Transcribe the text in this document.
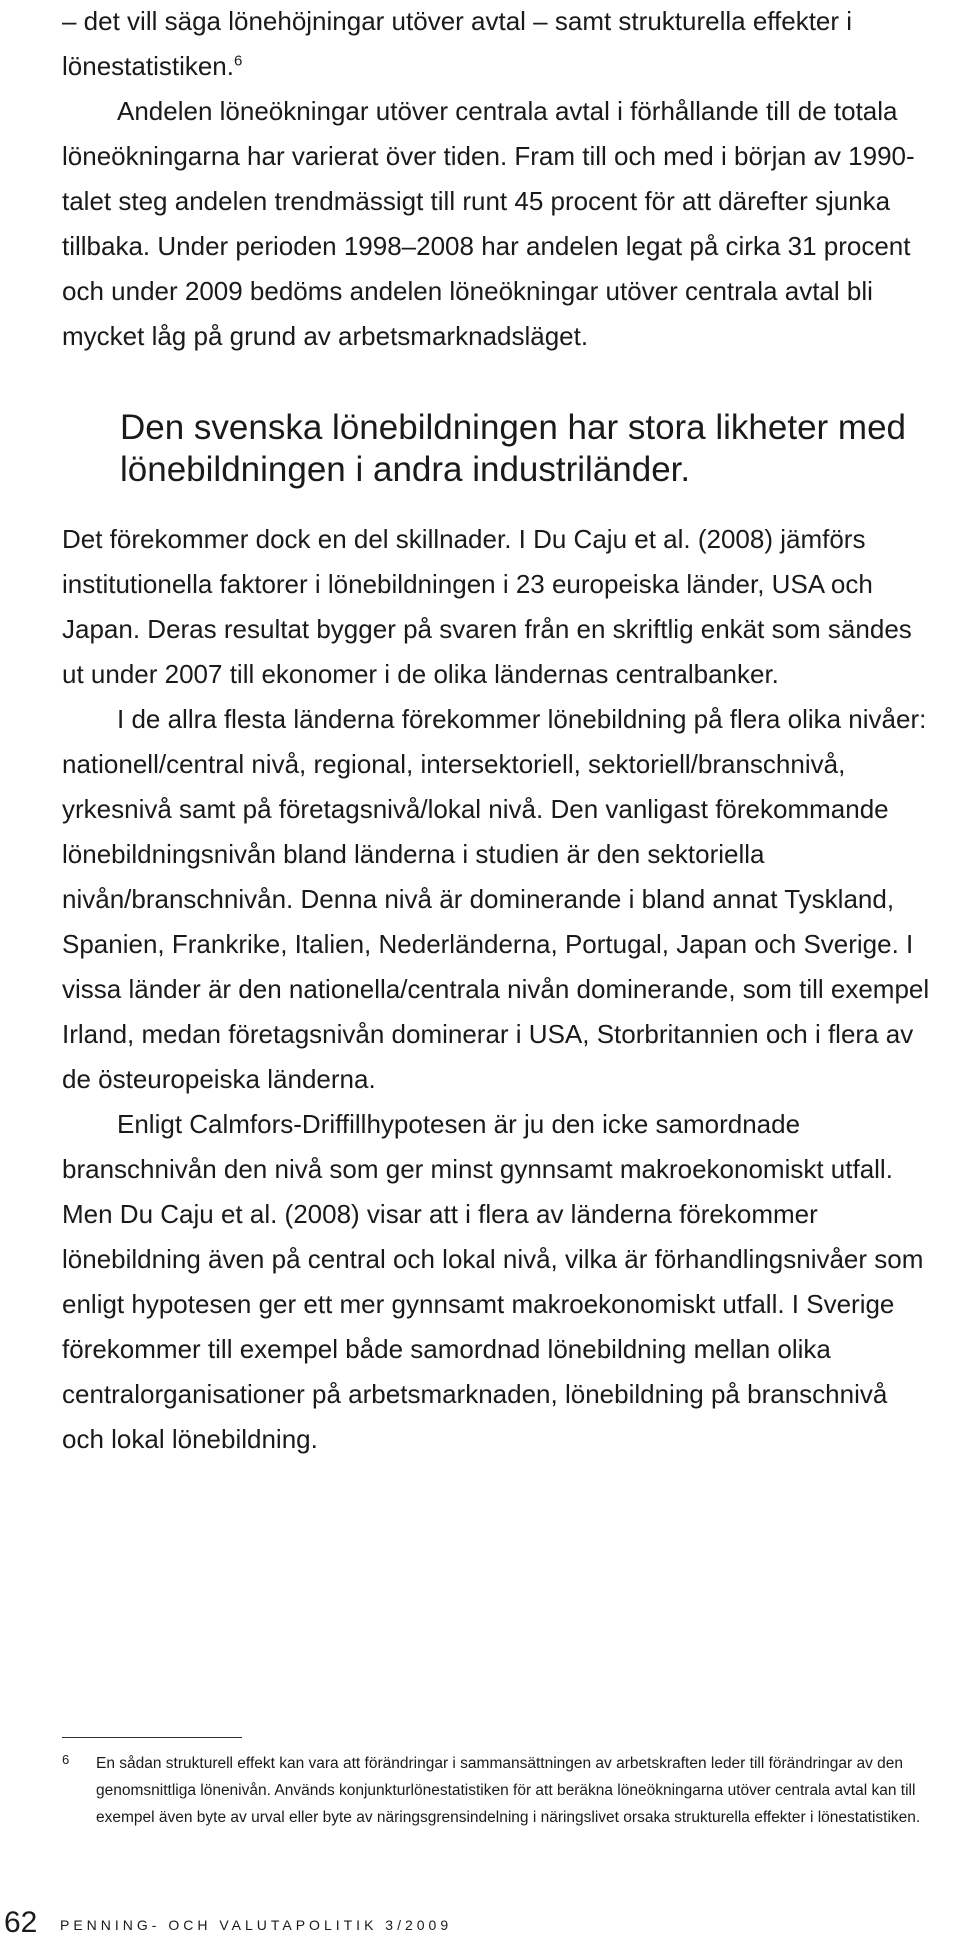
– det vill säga lönehöjningar utöver avtal – samt strukturella effekter i

lönestatistiken.$^6$

Andelen löneökningar utöver centrala avtal i förhållande till de totala löneökningarna har varierat över tiden. Fram till och med i början av 1990-talet steg andelen trendmässigt till runt 45 procent för att därefter sjunka tillbaka. Under perioden 1998–2008 har andelen legat på cirka 31 procent och under 2009 bedöms andelen löneökningar utöver centrala avtal bli mycket låg på grund av arbetsmarknadsläget.

Den svenska lönebildningen har stora likheter med lönebildningen i andra industriländer.

Det förekommer dock en del skillnader. I Du Caju et al. (2008) jämförs institutionella faktorer i lönebildningen i 23 europeiska länder, USA och Japan. Deras resultat bygger på svaren från en skriftlig enkät som sändes ut under 2007 till ekonomer i de olika ländernas centralbanker.

I de allra flesta länderna förekommer lönebildning på flera olika nivåer: nationell/central nivå, regional, intersektoriell, sektoriell/branschnivå, yrkesnivå samt på företagsnivå/lokal nivå. Den vanligast förekommande lönebildningsnivån bland länderna i studien är den sektoriella nivån/branschnivån. Denna nivå är dominerande i bland annat Tyskland, Spanien, Frankrike, Italien, Nederländerna, Portugal, Japan och Sverige. I vissa länder är den nationella/centrala nivån dominerande, som till exempel Irland, medan företagsnivån dominerar i USA, Storbritannien och i flera av de östeuropeiska länderna.

Enligt Calmfors-Driffillhypotesen är ju den icke samordnade branschnivån den nivå som ger minst gynnsamt makroekonomiskt utfall. Men Du Caju et al. (2008) visar att i flera av länderna förekommer lönebildning även på central och lokal nivå, vilka är förhandlingsnivåer som enligt hypotesen ger ett mer gynnsamt makroekonomiskt utfall. I Sverige förekommer till exempel både samordnad lönebildning mellan olika centralorganisationer på arbetsmarknaden, lönebildning på branschnivå och lokal lönebildning.

6 En sådan strukturell effekt kan vara att förändringar i sammansättningen av arbetskraften leder till förändringar av den genomsnittliga lönenivån. Används konjunkturlönestatistiken för att beräkna löneökningarna utöver centrala avtal kan till exempel även byte av urval eller byte av näringsgrensindelning i näringslivet orsaka strukturella effekter i lönestatistiken.
62 PENNING- OCH VALUTAPOLITIK 3/2009
